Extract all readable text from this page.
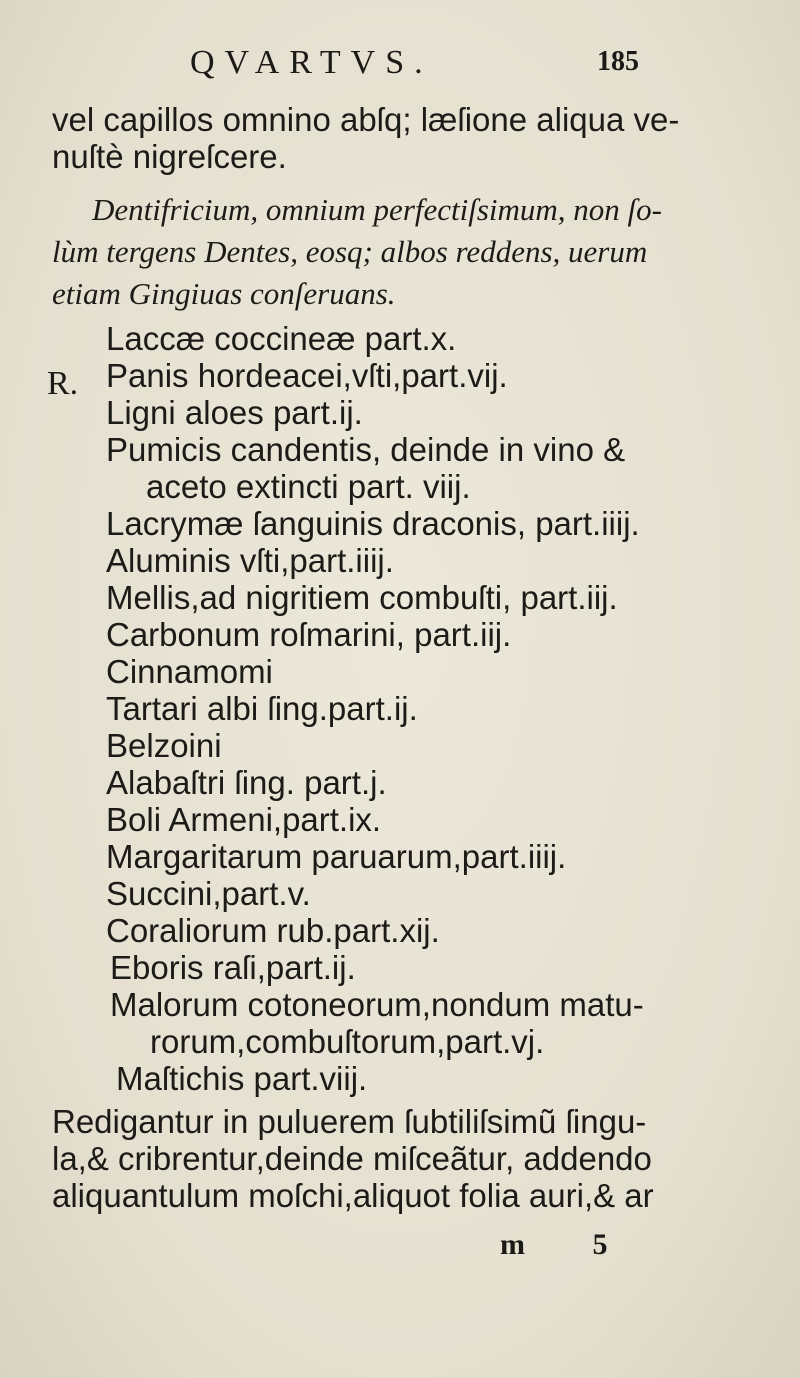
QVARTVS.	185
vel capillos omnino abſq; læſione aliqua ve-
nuſtè nigreſcere.
Dentifricium, omnium perfectiſsimum, non ſo-
lùm tergens Dentes, eosq; albos reddens, uerum
etiam Gingiuas conſeruans.
R.
Laccæ coccineæ part.x.
Panis hordeacei,vſti,part.vij.
Ligni aloes part.ij.
Pumicis candentis, deinde in vino &
aceto extincti part. viij.
Lacrymæ ſanguinis draconis, part.iiij.
Aluminis vſti,part.iiij.
Mellis,ad nigritiem combuſti, part.iij.
Carbonum roſmarini, part.iij.
Cinnamomi
Tartari albi ſing.part.ij.
Belzoini
Alabaſtri ſing. part.j.
Boli Armeni,part.ix.
Margaritarum paruarum,part.iiij.
Succini,part.v.
Coraliorum rub.part.xij.
Eboris raſi,part.ij.
Malorum cotoneorum,nondum matu-
rorum,combuſtorum,part.vj.
Maſtichis part.viij.
Redigantur in puluerem ſubtiliſsimũ ſingu-
la,& cribrentur,deinde miſceãtur, addendo
aliquantulum moſchi,aliquot folia auri,& ar
m 5
